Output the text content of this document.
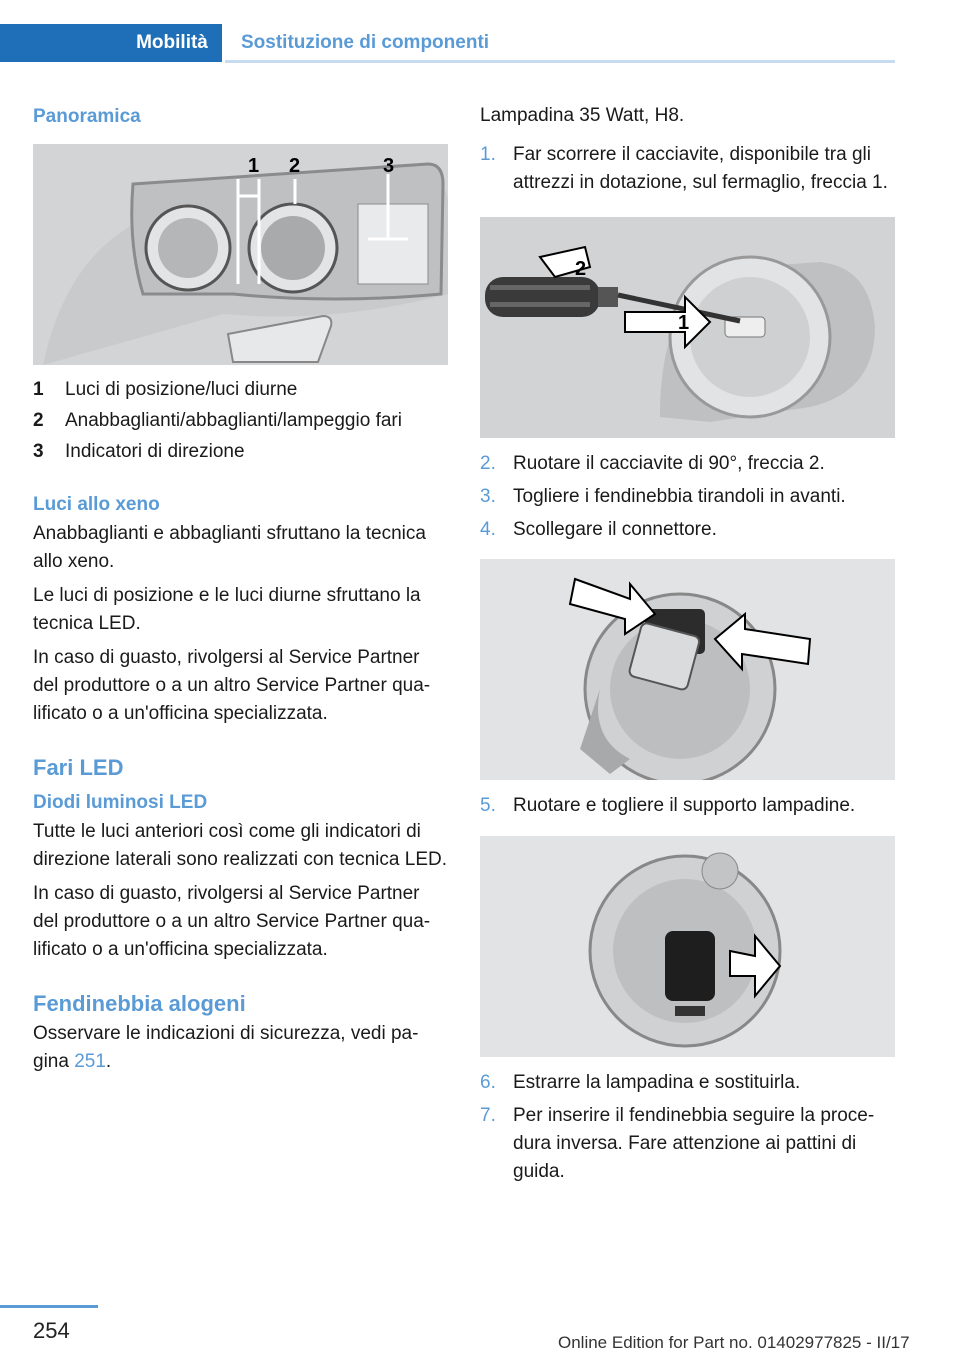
Mobilità	Sostituzione di componenti
Panoramica
1 2	3
1	Luci di posizione/luci diurne
2	Anabbaglianti/abbaglianti/lampeggio fari
3	Indicatori di direzione
Luci allo xeno

Anabbaglianti e abbaglianti sfruttano la tecnica allo xeno.

Le luci di posizione e le luci diurne sfruttano la tecnica LED.

In caso di guasto, rivolgersi al Service Partner del produttore o a un altro Service Partner qualificato o a un'officina specializzata.

Fari LED
Diodi luminosi LED

Tutte le luci anteriori così come gli indicatori di direzione laterali sono realizzati con tecnica LED.

In caso di guasto, rivolgersi al Service Partner del produttore o a un altro Service Partner qualificato o a un'officina specializzata.

Fendinebbia alogeni

Osservare le indicazioni di sicurezza, vedi pagina 251.

Lampadina 35 Watt, H8.

1. Far scorrere il cacciavite, disponibile tra gli attrezzi in dotazione, sul fermaglio, freccia 1.
2
1
2. Ruotare il cacciavite di 90°, freccia 2.
3. Togliere i fendinebbia tirandoli in avanti.
4. Scollegare il connettore.
5. Ruotare e togliere il supporto lampadine.
6. Estrarre la lampadina e sostituirla.
7. Per inserire il fendinebbia seguire la procedura inversa. Fare attenzione ai pattini di guida.
254	Online Edition for Part no. 01402977825 - II/17
